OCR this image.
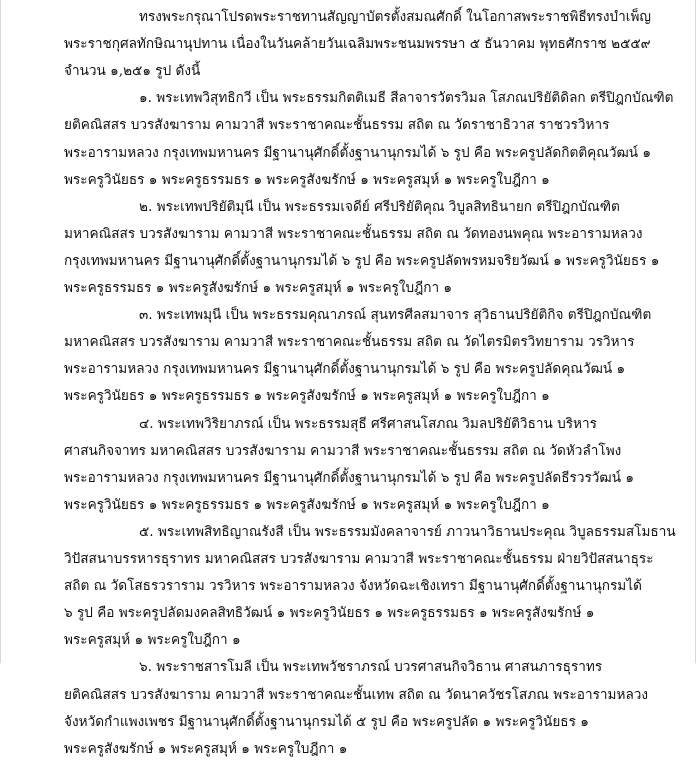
ทรงพระกรุณาโปรดพระราชทานสัญญาบัตรตั้งสมณศักดิ์ ในโอกาสพระราชพิธีทรงบำเพ็ญ
พระราชกุศลทักษิณานุปทาน เนื่องในวันคล้ายวันเฉลิมพระชนมพรรษา ๕ ธันวาคม พุทธศักราช ๒๕๕๙
จำนวน ๑,๒๕๑ รูป ดังนี้
๑. พระเทพวิสุทธิกวี เป็น พระธรรมกิตติเมธี สีลาจารวัตรวิมล โสภณปริยัติดิลก ตรีปิฎกบัณฑิต
ยติคณิสสร บวรสังฆาราม คามวาสี พระราชาคณะชั้นธรรม สถิต ณ วัดราชาธิวาส ราชวรวิหาร
พระอารามหลวง กรุงเทพมหานคร มีฐานานุศักดิ์ตั้งฐานานุกรมได้ ๖ รูป คือ พระครูปลัดกิตติคุณวัฒน์ ๑
พระครูวินัยธร ๑ พระครูธรรมธร ๑ พระครูสังฆรักษ์ ๑ พระครูสมุห์ ๑ พระครูใบฎีกา ๑
๒. พระเทพปริยัติมุนี เป็น พระธรรมเจดีย์ ศรีปริยัติคุณ วิบูลสิทธินายก ตรีปิฎกบัณฑิต
มหาคณิสสร บวรสังฆาราม คามวาสี พระราชาคณะชั้นธรรม สถิต ณ วัดทองนพคุณ พระอารามหลวง
กรุงเทพมหานคร มีฐานานุศักดิ์ตั้งฐานานุกรมได้ ๖ รูป คือ พระครูปลัดพรหมจริยวัฒน์ ๑ พระครูวินัยธร ๑
พระครูธรรมธร ๑ พระครูสังฆรักษ์ ๑ พระครูสมุห์ ๑ พระครูใบฎีกา ๑
๓. พระเทพมุนี เป็น พระธรรมคุณาภรณ์ สุนทรศีลสมาจาร สุวิธานปริยัติกิจ ตรีปิฎกบัณฑิต
มหาคณิสสร บวรสังฆาราม คามวาสี พระราชาคณะชั้นธรรม สถิต ณ วัดไตรมิตรวิทยาราม วรวิหาร
พระอารามหลวง กรุงเทพมหานคร มีฐานานุศักดิ์ตั้งฐานานุกรมได้ ๖ รูป คือ พระครูปลัดคุณวัฒน์ ๑
พระครูวินัยธร ๑ พระครูธรรมธร ๑ พระครูสังฆรักษ์ ๑ พระครูสมุห์ ๑ พระครูใบฎีกา ๑
๔. พระเทพวิริยาภรณ์ เป็น พระธรรมสุธี ศรีศาสนโสภณ วิมลปริยัติวิธาน บริหาร
ศาสนกิจจาทร มหาคณิสสร บวรสังฆาราม คามวาสี พระราชาคณะชั้นธรรม สถิต ณ วัดหัวลำโพง
พระอารามหลวง กรุงเทพมหานคร มีฐานานุศักดิ์ตั้งฐานานุกรมได้ ๖ รูป คือ พระครูปลัดธีรวรวัฒน์ ๑
พระครูวินัยธร ๑ พระครูธรรมธร ๑ พระครูสังฆรักษ์ ๑ พระครูสมุห์ ๑ พระครูใบฎีกา ๑
๕. พระเทพสิทธิญาณรังสี เป็น พระธรรมมังคลาจารย์ ภาวนาวิธานประคุณ วิบูลธรรมสโมธาน
วิปัสสนาบรรหารธุราทร มหาคณิสสร บวรสังฆาราม คามวาสี พระราชาคณะชั้นธรรม ฝ่ายวิปัสสนาธุระ
สถิต ณ วัดโสธรวราราม วรวิหาร พระอารามหลวง จังหวัดฉะเชิงเทรา มีฐานานุศักดิ์ตั้งฐานานุกรมได้
๖ รูป คือ พระครูปลัดมงคลสิทธิวัฒน์ ๑ พระครูวินัยธร ๑ พระครูธรรมธร ๑ พระครูสังฆรักษ์ ๑
พระครูสมุห์ ๑ พระครูใบฎีกา ๑
๖. พระราชสารโมลี เป็น พระเทพวัชราภรณ์ บวรศาสนกิจวิธาน ศาสนภารธุราทร
ยติคณิสสร บวรสังฆาราม คามวาสี พระราชาคณะชั้นเทพ สถิต ณ วัดนาควัชรโสภณ พระอารามหลวง
จังหวัดกำแพงเพชร มีฐานานุศักดิ์ตั้งฐานานุกรมได้ ๕ รูป คือ พระครูปลัด ๑ พระครูวินัยธร ๑
พระครูสังฆรักษ์ ๑ พระครูสมุห์ ๑ พระครูใบฎีกา ๑
